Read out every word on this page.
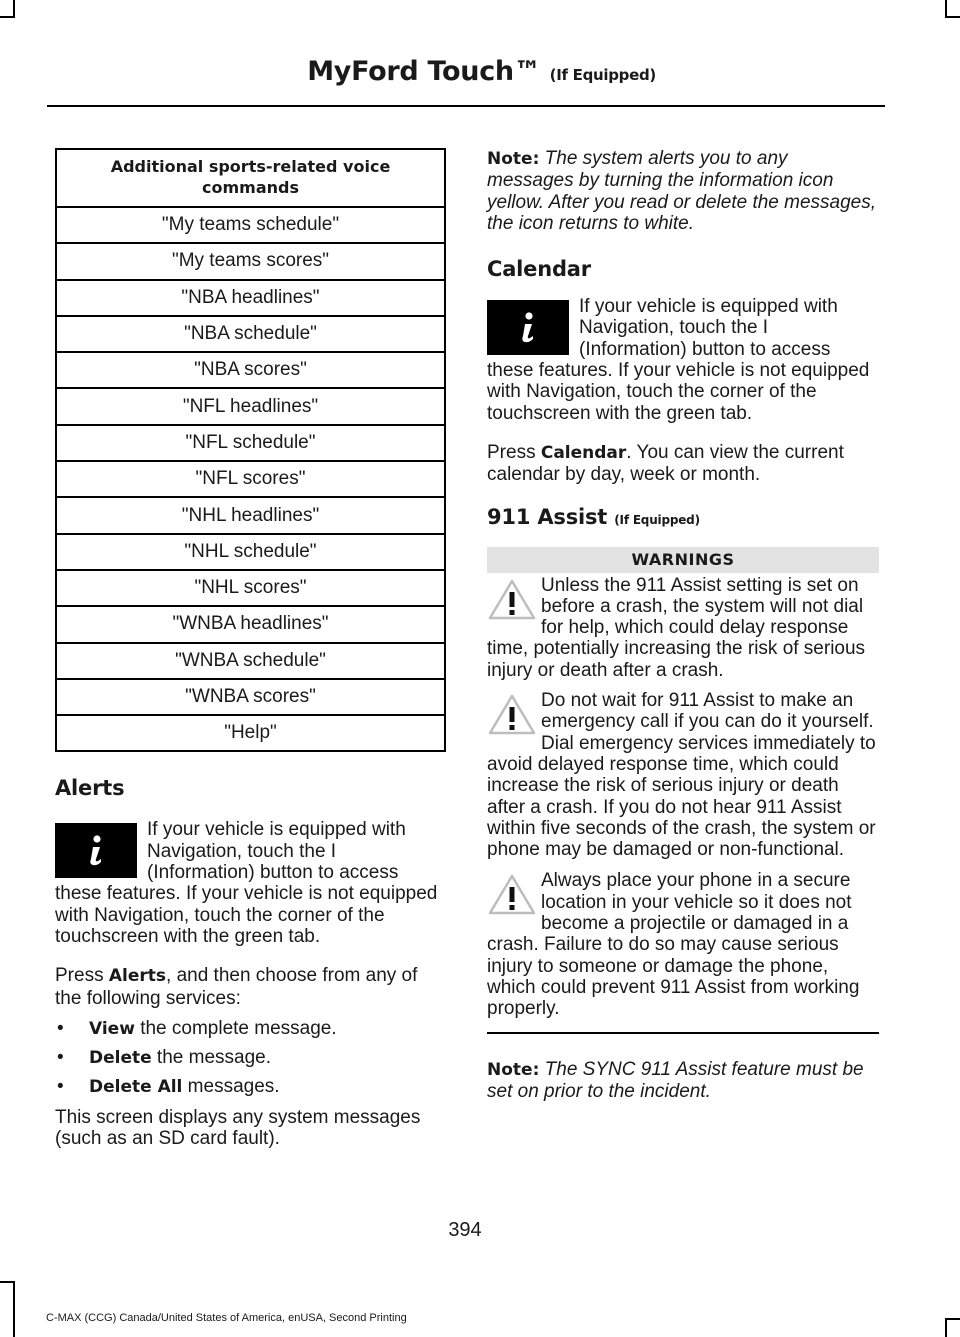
MyFord Touch™ (If Equipped)
Additional sports-related voice commands
"My teams schedule"
"My teams scores"
"NBA headlines"
"NBA schedule"
"NBA scores"
"NFL headlines"
"NFL schedule"
"NFL scores"
"NHL headlines"
"NHL schedule"
"NHL scores"
"WNBA headlines"
"WNBA schedule"
"WNBA scores"
"Help"
Alerts

If your vehicle is equipped with Navigation, touch the I (Information) button to access these features. If your vehicle is not equipped with Navigation, touch the corner of the touchscreen with the green tab.

Press Alerts, and then choose from any of the following services:

• View the complete message.
• Delete the message.
• Delete All messages.

This screen displays any system messages (such as an SD card fault).

Note: The system alerts you to any messages by turning the information icon yellow. After you read or delete the messages, the icon returns to white.

Calendar

If your vehicle is equipped with Navigation, touch the I (Information) button to access these features. If your vehicle is not equipped with Navigation, touch the corner of the touchscreen with the green tab.

Press Calendar. You can view the current calendar by day, week or month.

911 Assist (If Equipped)
WARNINGS

Unless the 911 Assist setting is set on before a crash, the system will not dial for help, which could delay response time, potentially increasing the risk of serious injury or death after a crash.

Do not wait for 911 Assist to make an emergency call if you can do it yourself. Dial emergency services immediately to avoid delayed response time, which could increase the risk of serious injury or death after a crash. If you do not hear 911 Assist within five seconds of the crash, the system or phone may be damaged or non-functional.

Always place your phone in a secure location in your vehicle so it does not become a projectile or damaged in a crash. Failure to do so may cause serious injury to someone or damage the phone, which could prevent 911 Assist from working properly.

Note: The SYNC 911 Assist feature must be set on prior to the incident.

394
C-MAX (CCG) Canada/United States of America, enUSA, Second Printing
